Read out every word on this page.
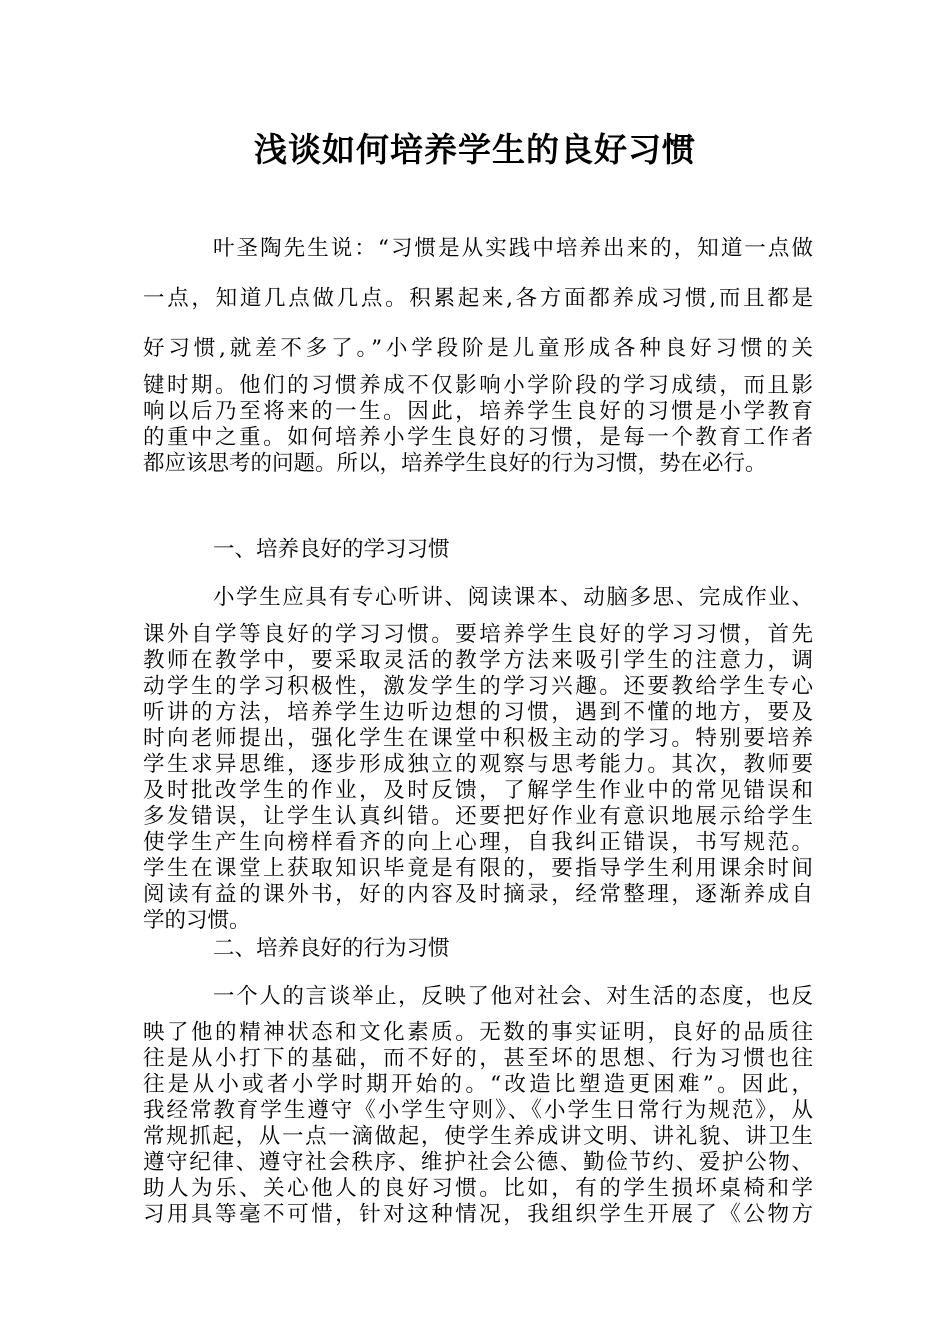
浅谈如何培养学生的良好习惯
叶圣陶先生说：“习惯是从实践中培养出来的，知道一点做
一点，知道几点做几点。积累起来,各方面都养成习惯,而且都是
好习惯,就差不多了。”小学段阶是儿童形成各种良好习惯的关
键时期。他们的习惯养成不仅影响小学阶段的学习成绩，而且影
响以后乃至将来的一生。因此，培养学生良好的习惯是小学教育
的重中之重。如何培养小学生良好的习惯，是每一个教育工作者
都应该思考的问题。所以，培养学生良好的行为习惯，势在必行。
一、培养良好的学习习惯
小学生应具有专心听讲、阅读课本、动脑多思、完成作业、
课外自学等良好的学习习惯。要培养学生良好的学习习惯，首先
教师在教学中，要采取灵活的教学方法来吸引学生的注意力，调
动学生的学习积极性，激发学生的学习兴趣。还要教给学生专心
听讲的方法，培养学生边听边想的习惯，遇到不懂的地方，要及
时向老师提出，强化学生在课堂中积极主动的学习。特别要培养
学生求异思维，逐步形成独立的观察与思考能力。其次，教师要
及时批改学生的作业，及时反馈，了解学生作业中的常见错误和
多发错误，让学生认真纠错。还要把好作业有意识地展示给学生
使学生产生向榜样看齐的向上心理，自我纠正错误，书写规范。
学生在课堂上获取知识毕竟是有限的，要指导学生利用课余时间
阅读有益的课外书，好的内容及时摘录，经常整理，逐渐养成自
学的习惯。
二、培养良好的行为习惯
一个人的言谈举止，反映了他对社会、对生活的态度，也反
映了他的精神状态和文化素质。无数的事实证明，良好的品质往
往是从小打下的基础，而不好的，甚至坏的思想、行为习惯也往
往是从小或者小学时期开始的。“改造比塑造更困难”。因此，
我经常教育学生遵守《小学生守则》、《小学生日常行为规范》，从
常规抓起，从一点一滴做起，使学生养成讲文明、讲礼貌、讲卫生
遵守纪律、遵守社会秩序、维护社会公德、勤俭节约、爱护公物、
助人为乐、关心他人的良好习惯。比如，有的学生损坏桌椅和学
习用具等毫不可惜，针对这种情况，我组织学生开展了《公物方
